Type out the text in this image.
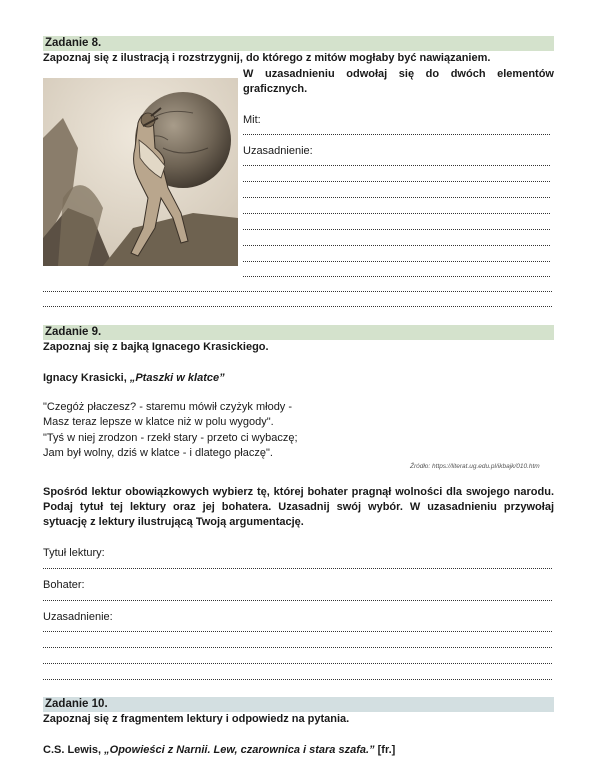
Zadanie 8.
Zapoznaj się z ilustracją i rozstrzygnij, do którego z mitów mogłaby być nawiązaniem.
W uzasadnieniu odwołaj się do dwóch elementów graficznych.
Mit:
Uzasadnienie:
Zadanie 9.
Zapoznaj się z bajką Ignacego Krasickiego.
Ignacy Krasicki, „Ptaszki w klatce”
"Czegóż płaczesz? - staremu mówił czyżyk młody -
Masz teraz lepsze w klatce niż w polu wygody".
"Tyś w niej zrodzon - rzekł stary - przeto ci wybaczę;
Jam był wolny, dziś w klatce - i dlatego płaczę".
Źródło: https://literat.ug.edu.pl/ikbajk/010.htm
Spośród lektur obowiązkowych wybierz tę, której bohater pragnął wolności dla swojego narodu. Podaj tytuł tej lektury oraz jej bohatera. Uzasadnij swój wybór. W uzasadnieniu przywołaj sytuację z lektury ilustrującą Twoją argumentację.
Tytuł lektury:
Bohater:
Uzasadnienie:
Zadanie 10.
Zapoznaj się z fragmentem lektury i odpowiedz na pytania.
C.S. Lewis, „Opowieści z Narnii. Lew, czarownica i stara szafa.” [fr.]
